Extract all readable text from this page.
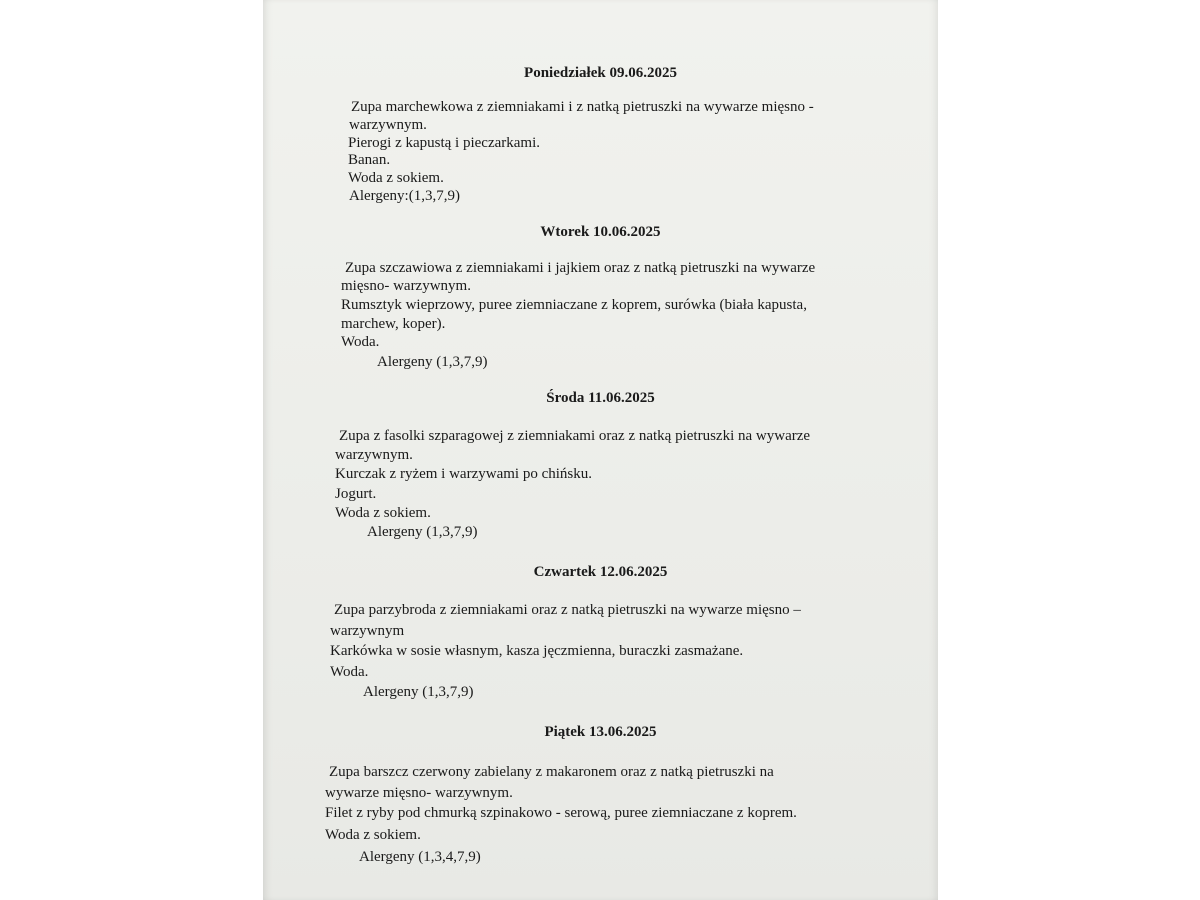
Poniedziałek 09.06.2025
Zupa marchewkowa z ziemniakami i z natką pietruszki na wywarze mięsno -
warzywnym.
Pierogi z kapustą i pieczarkami.
Banan.
Woda z sokiem.
Alergeny:(1,3,7,9)
Wtorek 10.06.2025
Zupa szczawiowa z ziemniakami i jajkiem oraz z natką pietruszki na wywarze
mięsno- warzywnym.
Rumsztyk wieprzowy, puree ziemniaczane z koprem, surówka (biała kapusta,
marchew, koper).
Woda.
Alergeny (1,3,7,9)
Środa 11.06.2025
Zupa z fasolki szparagowej z ziemniakami oraz z natką pietruszki na wywarze
warzywnym.
Kurczak z ryżem i warzywami po chińsku.
Jogurt.
Woda z sokiem.
Alergeny (1,3,7,9)
Czwartek 12.06.2025
Zupa parzybroda z ziemniakami oraz z natką pietruszki na wywarze mięsno –
warzywnym
Karkówka w sosie własnym, kasza jęczmienna, buraczki zasmażane.
Woda.
Alergeny (1,3,7,9)
Piątek 13.06.2025
Zupa barszcz czerwony zabielany z makaronem oraz z natką pietruszki na
wywarze mięsno- warzywnym.
Filet z ryby pod chmurką szpinakowo - serową, puree ziemniaczane z koprem.
Woda z sokiem.
Alergeny (1,3,4,7,9)
